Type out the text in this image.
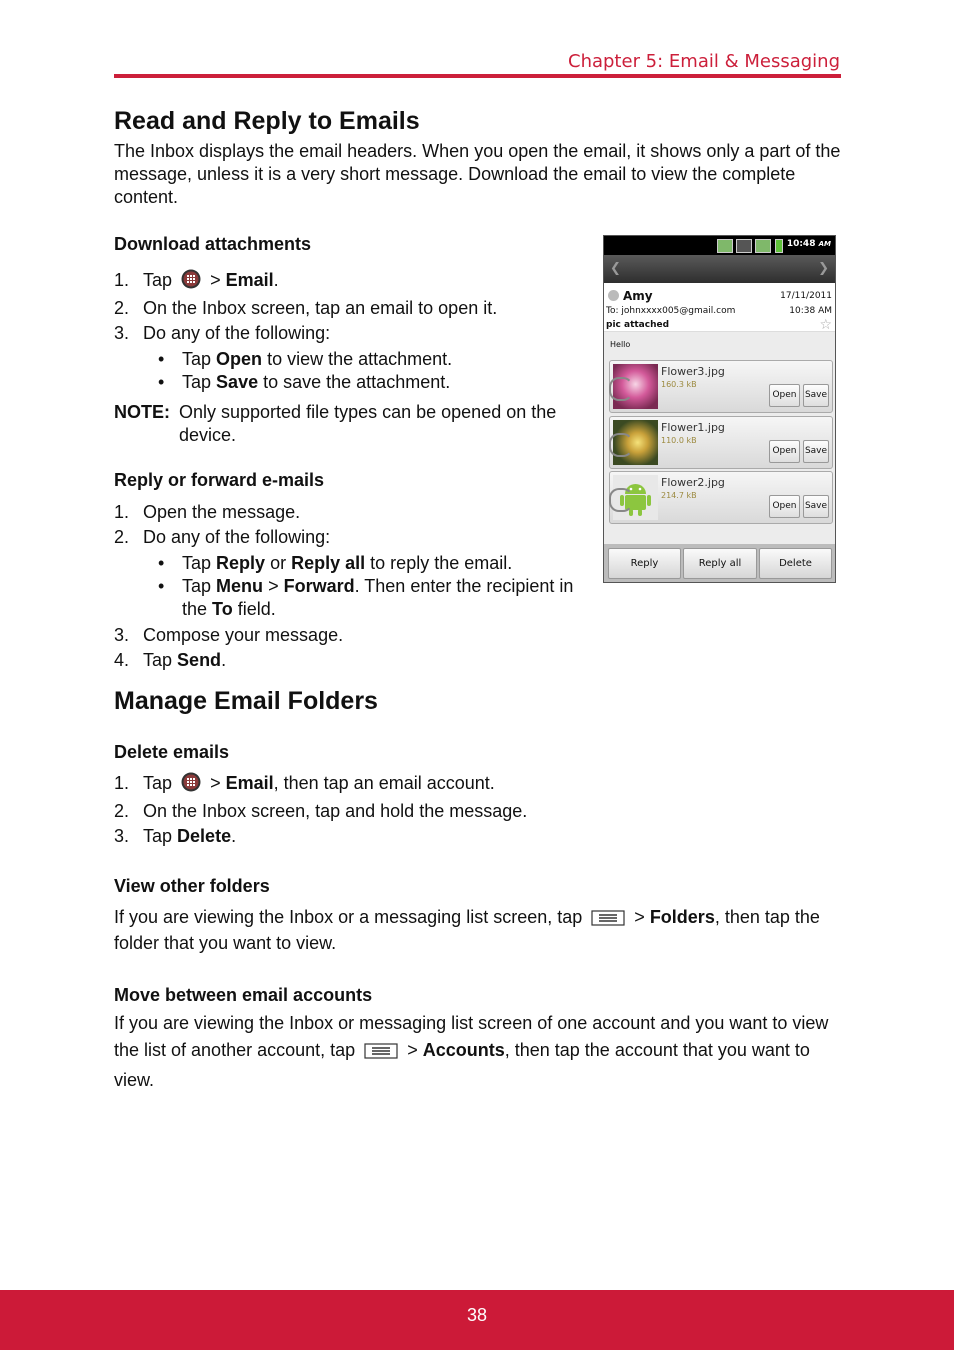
Chapter 5: Email & Messaging
Read and Reply to Emails

The Inbox displays the email headers. When you open the email, it shows only a part of the message, unless it is a very short message. Download the email to view the complete content.

Download attachments
1. Tap > Email.
2. On the Inbox screen, tap an email to open it.
3. Do any of the following:
• Tap Open to view the attachment.
• Tap Save to save the attachment.

NOTE: Only supported file types can be opened on the device.

Reply or forward e-mails
1. Open the message.
2. Do any of the following:
• Tap Reply or Reply all to reply the email.
• Tap Menu > Forward. Then enter the recipient in the To field.
3. Compose your message.
4. Tap Send.
Manage Email Folders
Delete emails
1. Tap > Email, then tap an email account.
2. On the Inbox screen, tap and hold the message.
3. Tap Delete.
View other folders

If you are viewing the Inbox or a messaging list screen, tap	> Folders, then tap the folder that you want to view.

Move between email accounts

If you are viewing the Inbox or messaging list screen of one account and you want to view the list of another account, tap	> Accounts, then tap the account that you want to view.

10:48 AM
❮	❯
Amy
To: johnxxxx005@gmail.com
pic attached
17/11/2011
10:38 AM
☆
Hello
Flower3.jpg
160.3 kB
Open Save
Flower1.jpg
110.0 kB
Open Save
Flower2.jpg
214.7 kB
Open Save
Reply	Reply all	Delete
38
